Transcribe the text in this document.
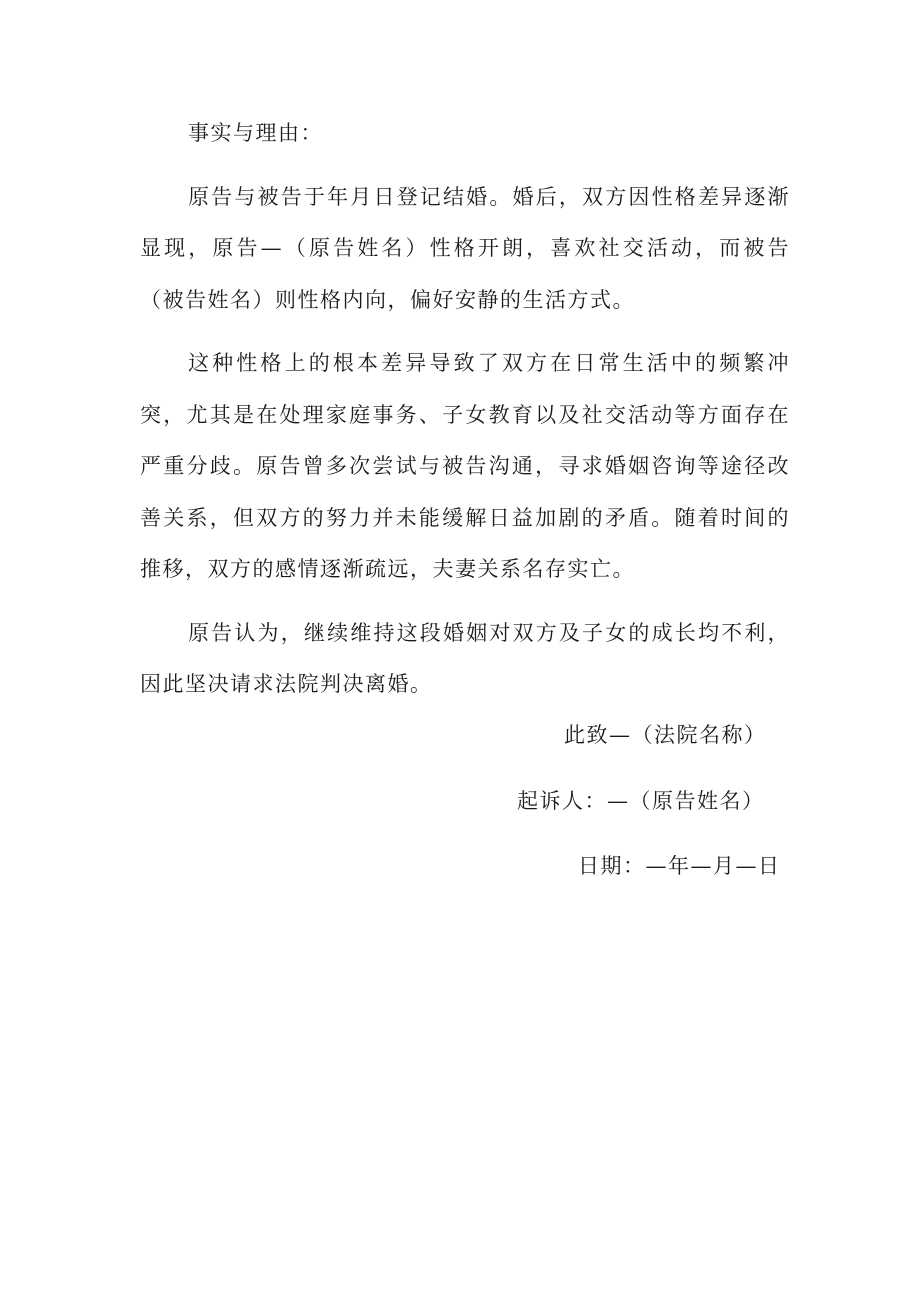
事实与理由：

原告与被告于年月日登记结婚。婚后，双方因性格差异逐渐显现，原告—（原告姓名）性格开朗，喜欢社交活动，而被告（被告姓名）则性格内向，偏好安静的生活方式。

这种性格上的根本差异导致了双方在日常生活中的频繁冲突，尤其是在处理家庭事务、子女教育以及社交活动等方面存在严重分歧。原告曾多次尝试与被告沟通，寻求婚姻咨询等途径改善关系，但双方的努力并未能缓解日益加剧的矛盾。随着时间的推移，双方的感情逐渐疏远，夫妻关系名存实亡。

原告认为，继续维持这段婚姻对双方及子女的成长均不利，因此坚决请求法院判决离婚。

此致—（法院名称）
起诉人：—（原告姓名）
日期：—年—月—日
